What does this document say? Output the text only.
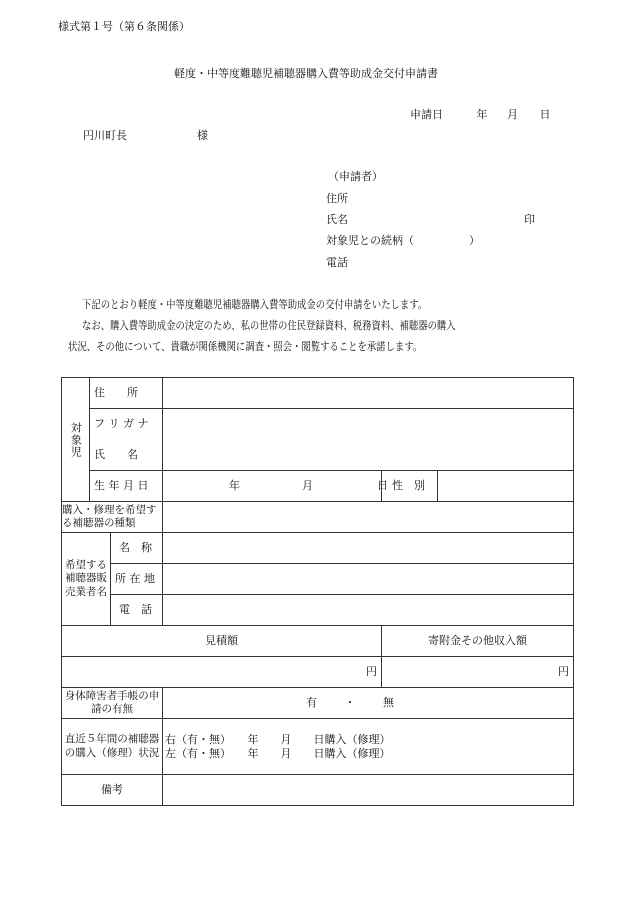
様式第１号（第６条関係）
軽度・中等度難聴児補聴器購入費等助成金交付申請書
申請日	年 月 日
円川町長	様
（申請者）
住所
氏名	印
対象児との続柄（　　　　　）
電話
下記のとおり軽度・中等度難聴児補聴器購入費等助成金の交付申請をいたします。
なお、購入費等助成金の決定のため、私の世帯の住民登録資料、税務資料、補聴器の購入
状況、その他について、貴職が関係機関に調査・照会・閲覧することを承諾します。
対象児	住　　所				
	フ リ ガ ナ				
	氏　　名				
	生 年 月 日		年 月 日	性　別	
購入・修理を希望する補聴器の種類					
希望する補聴器販売業者名		名　称			
		所 在 地			
		電　話			
見積額				寄附金その他収入額	
円				円	
身体障害者手帳の申請の有無			有 ・ 無		
直近５年間の補聴器の購入（修理）状況			右（有・無）　　年　　月　　日購入（修理）
左（有・無）　　年　　月　　日購入（修理）		

備考					
